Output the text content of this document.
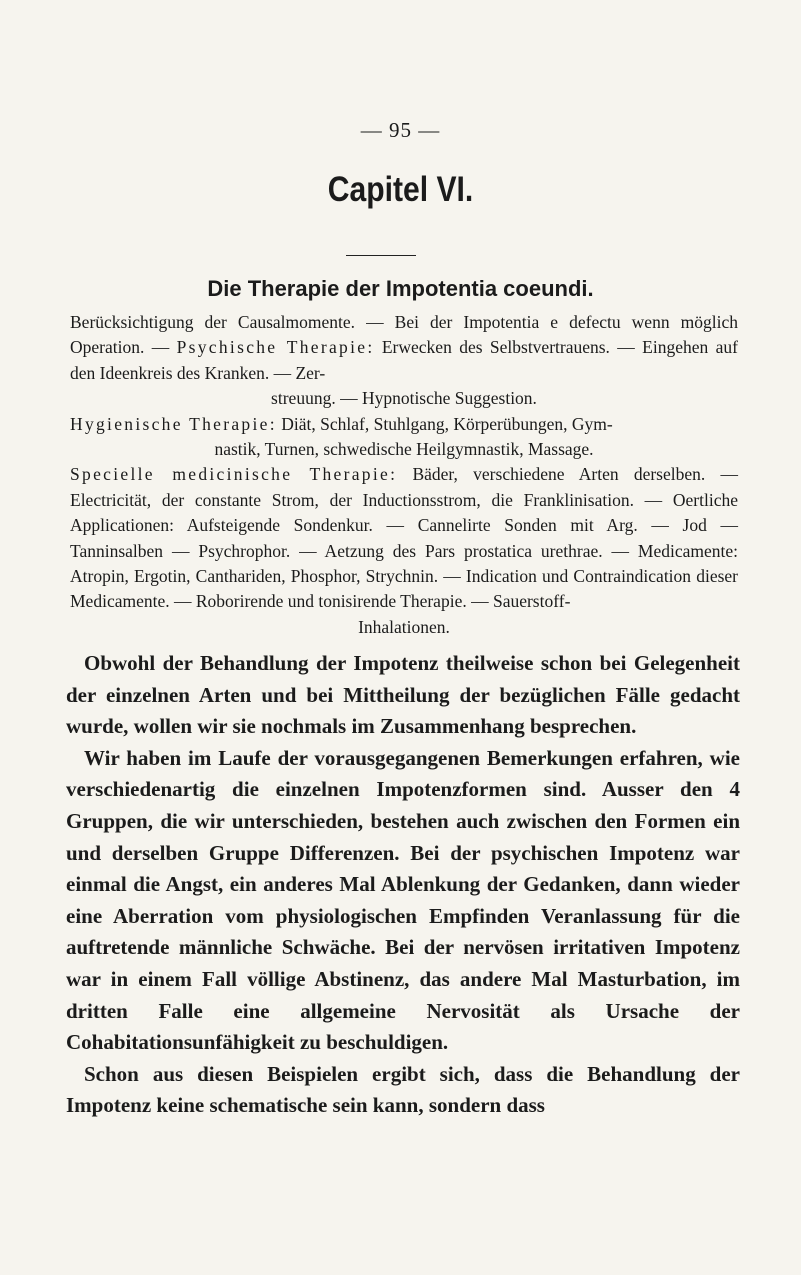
— 95 —
Capitel VI.
Die Therapie der Impotentia coeundi.

Berücksichtigung der Causalmomente. — Bei der Impotentia e defectu wenn möglich Operation. — Psychische Therapie: Erwecken des Selbstvertrauens. — Eingehen auf den Ideenkreis des Kranken. — Zer-

streuung. — Hypnotische Suggestion.

Hygienische Therapie: Diät, Schlaf, Stuhlgang, Körperübungen, Gym-

nastik, Turnen, schwedische Heilgymnastik, Massage.

Specielle medicinische Therapie: Bäder, verschiedene Arten derselben. — Electricität, der constante Strom, der Inductionsstrom, die Franklinisation. — Oertliche Applicationen: Aufsteigende Sondenkur. — Cannelirte Sonden mit Arg. — Jod — Tanninsalben — Psychrophor. — Aetzung des Pars prostatica urethrae. — Medicamente: Atropin, Ergotin, Canthariden, Phosphor, Strychnin. — Indication und Contraindication dieser Medicamente. — Roborirende und tonisirende Therapie. — Sauerstoff-

Inhalationen.

Obwohl der Behandlung der Impotenz theilweise schon bei Gelegenheit der einzelnen Arten und bei Mittheilung der bezüglichen Fälle gedacht wurde, wollen wir sie nochmals im Zusammenhang besprechen.

Wir haben im Laufe der vorausgegangenen Bemerkungen erfahren, wie verschiedenartig die einzelnen Impotenzformen sind. Ausser den 4 Gruppen, die wir unterschieden, bestehen auch zwischen den Formen ein und derselben Gruppe Differenzen. Bei der psychischen Impotenz war einmal die Angst, ein anderes Mal Ablenkung der Gedanken, dann wieder eine Aberration vom physiologischen Empfinden Veranlassung für die auftretende männliche Schwäche. Bei der nervösen irritativen Impotenz war in einem Fall völlige Abstinenz, das andere Mal Masturbation, im dritten Falle eine allgemeine Nervosität als Ursache der Cohabitationsunfähigkeit zu beschuldigen.

Schon aus diesen Beispielen ergibt sich, dass die Behandlung der Impotenz keine schematische sein kann, sondern dass
